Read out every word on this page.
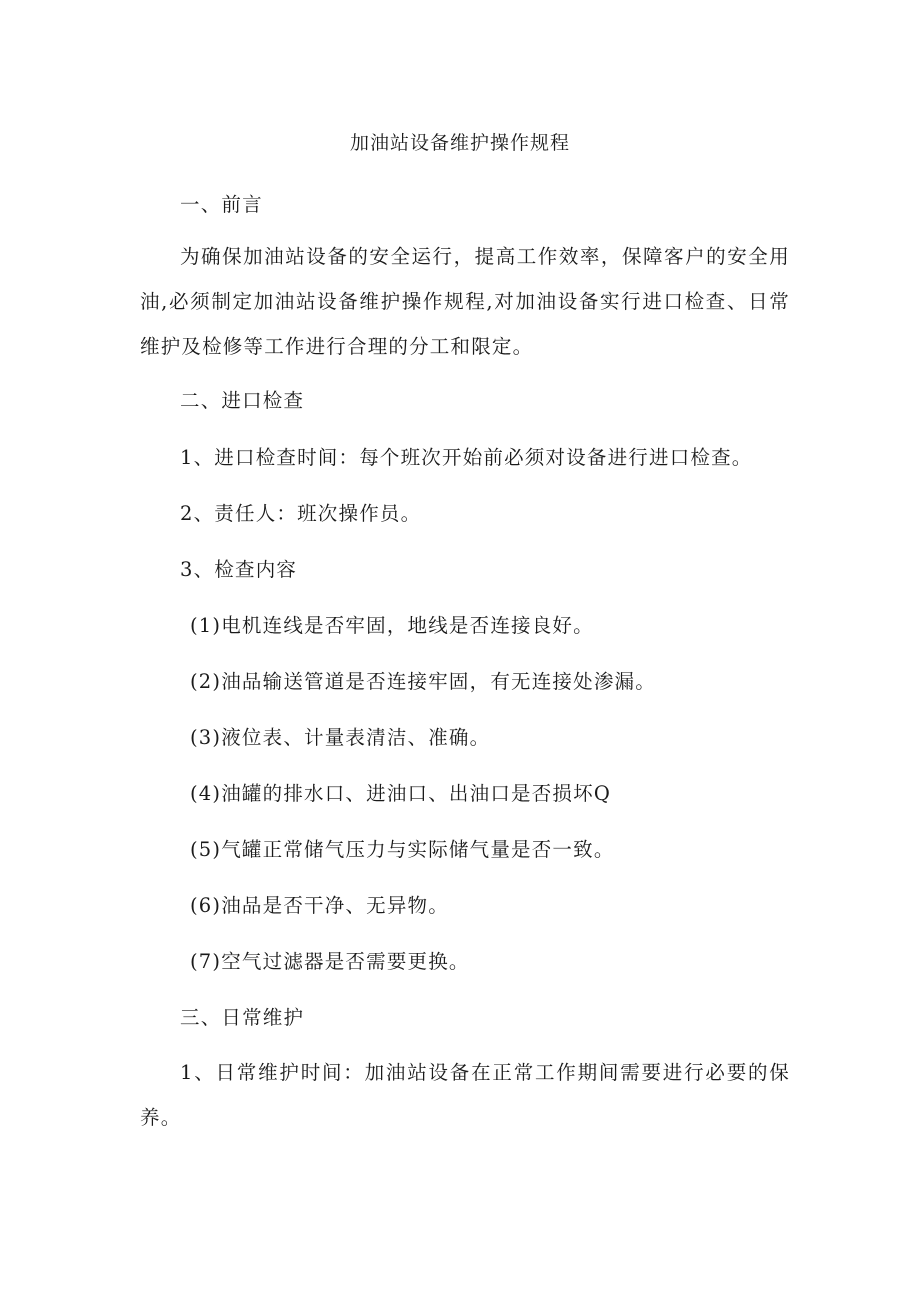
加油站设备维护操作规程
一、前言
为确保加油站设备的安全运行，提高工作效率，保障客户的安全用油,必须制定加油站设备维护操作规程,对加油设备实行进口检查、日常维护及检修等工作进行合理的分工和限定。
二、进口检查
1、进口检查时间：每个班次开始前必须对设备进行进口检查。
2、责任人：班次操作员。
3、检查内容
(1)电机连线是否牢固，地线是否连接良好。
(2)油品输送管道是否连接牢固，有无连接处渗漏。
(3)液位表、计量表清洁、准确。
(4)油罐的排水口、进油口、出油口是否损坏Q
(5)气罐正常储气压力与实际储气量是否一致。
(6)油品是否干净、无异物。
(7)空气过滤器是否需要更换。
三、日常维护
1、日常维护时间：加油站设备在正常工作期间需要进行必要的保养。
